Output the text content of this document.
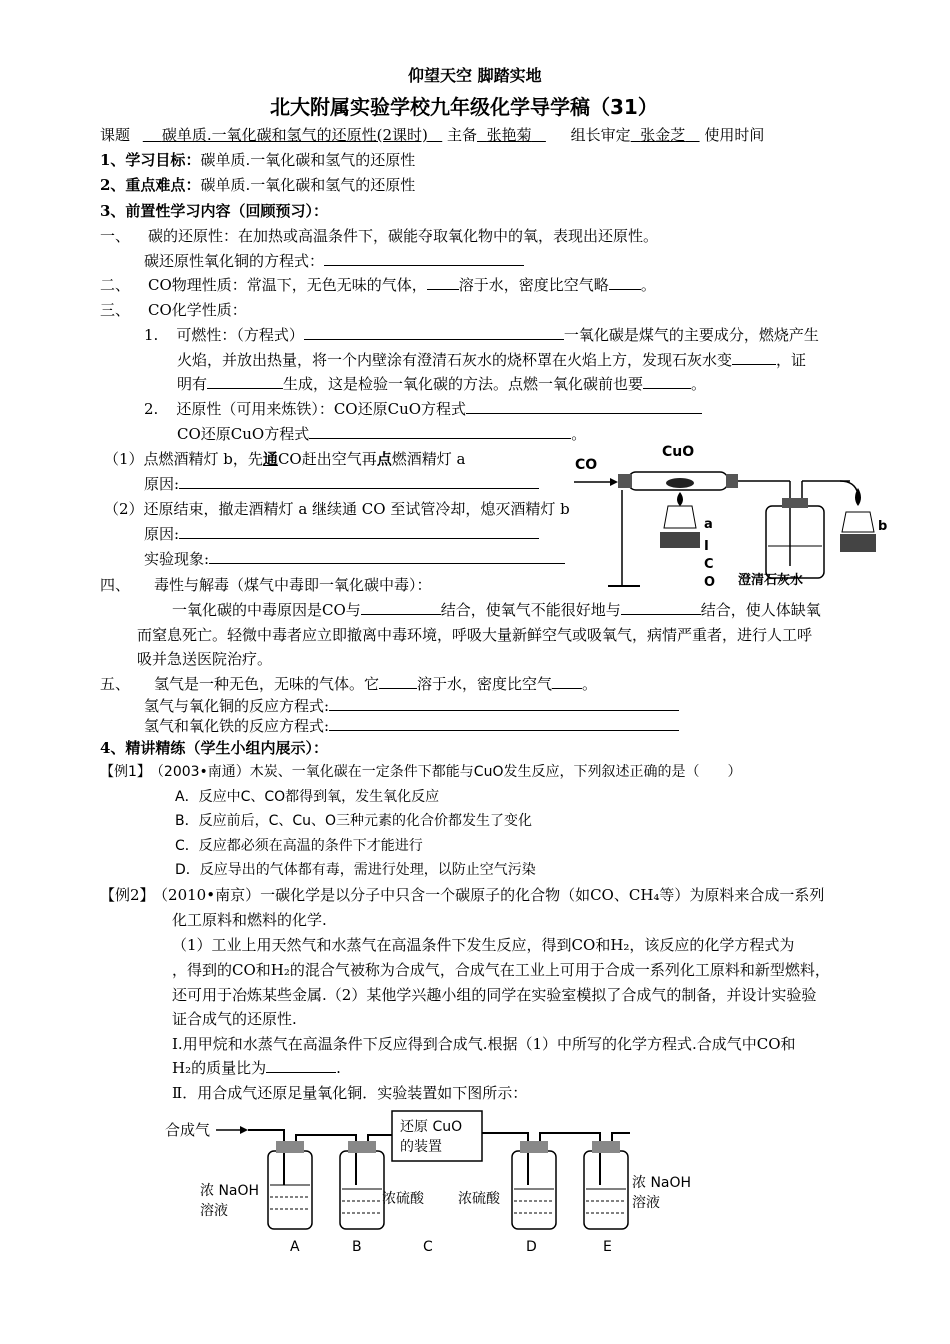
仰望天空 脚踏实地
北大附属实验学校九年级化学导学稿（31）
课题 碳单质.一氧化碳和氢气的还原性(2课时) 主备 张艳菊	组长审定 张金芝 使用时间
1、学习目标：碳单质.一氧化碳和氢气的还原性
2、重点难点：碳单质.一氧化碳和氢气的还原性
3、前置性学习内容（回顾预习）：
一、 碳的还原性：在加热或高温条件下，碳能夺取氧化物中的氧，表现出还原性。
碳还原性氧化铜的方程式：
二、 CO物理性质：常温下，无色无味的气体， 溶于水，密度比空气略 。
三、 CO化学性质：
1. 可燃性：（方程式）	一氧化碳是煤气的主要成分，燃烧产生
火焰，并放出热量，将一个内壁涂有澄清石灰水的烧杯罩在火焰上方，发现石灰水变	，证
明有	生成，这是检验一氧化碳的方法。点燃一氧化碳前也要	。
2. 还原性（可用来炼铁）：CO还原CuO方程式
CO还原CuO方程式	。
（1）点燃酒精灯 b，先通CO赶出空气再点燃酒精灯 a
原因:
（2）还原结束，撤走酒精灯 a 继续通 CO 至试管冷却，熄灭酒精灯 b
原因:
实验现象:
CO
CuO
a
I
C
O 澄清石灰水
b
四、 毒性与解毒（煤气中毒即一氧化碳中毒）：
一氧化碳的中毒原因是CO与	结合，使氧气不能很好地与	结合，使人体缺氧
而窒息死亡。轻微中毒者应立即撤离中毒环境，呼吸大量新鲜空气或吸氧气，病情严重者，进行人工呼
吸并急送医院治疗。
五、 氢气是一种无色，无味的气体。它	溶于水，密度比空气 。
氢气与氧化铜的反应方程式:
氢气和氧化铁的反应方程式:
4、精讲精练（学生小组内展示）：
【例1】 （2003•南通）木炭、一氧化碳在一定条件下都能与CuO发生反应，下列叙述正确的是（　　）
A．反应中C、CO都得到氧，发生氧化反应
B．反应前后，C、Cu、O三种元素的化合价都发生了变化
C．反应都必须在高温的条件下才能进行
D．反应导出的气体都有毒，需进行处理，以防止空气污染
【例2】 （2010•南京）一碳化学是以分子中只含一个碳原子的化合物（如CO、CH₄等）为原料来合成一系列
化工原料和燃料的化学.
（1）工业上用天然气和水蒸气在高温条件下发生反应，得到CO和H₂，该反应的化学方程式为
，得到的CO和H₂的混合气被称为合成气，合成气在工业上可用于合成一系列化工原料和新型燃料，
还可用于冶炼某些金属.（2）某他学兴趣小组的同学在实验室模拟了合成气的制备，并设计实验验
证合成气的还原性.
I.用甲烷和水蒸气在高温条件下反应得到合成气.根据（1）中所写的化学方程式.合成气中CO和
H₂的质量比为	.
Ⅱ．用合成气还原足量氧化铜．实验装置如下图所示：
合成气	还原 CuO
的装置
浓 NaOH
溶液
浓硫酸 浓硫酸
浓 NaOH
溶液
A	B	C	D	E
